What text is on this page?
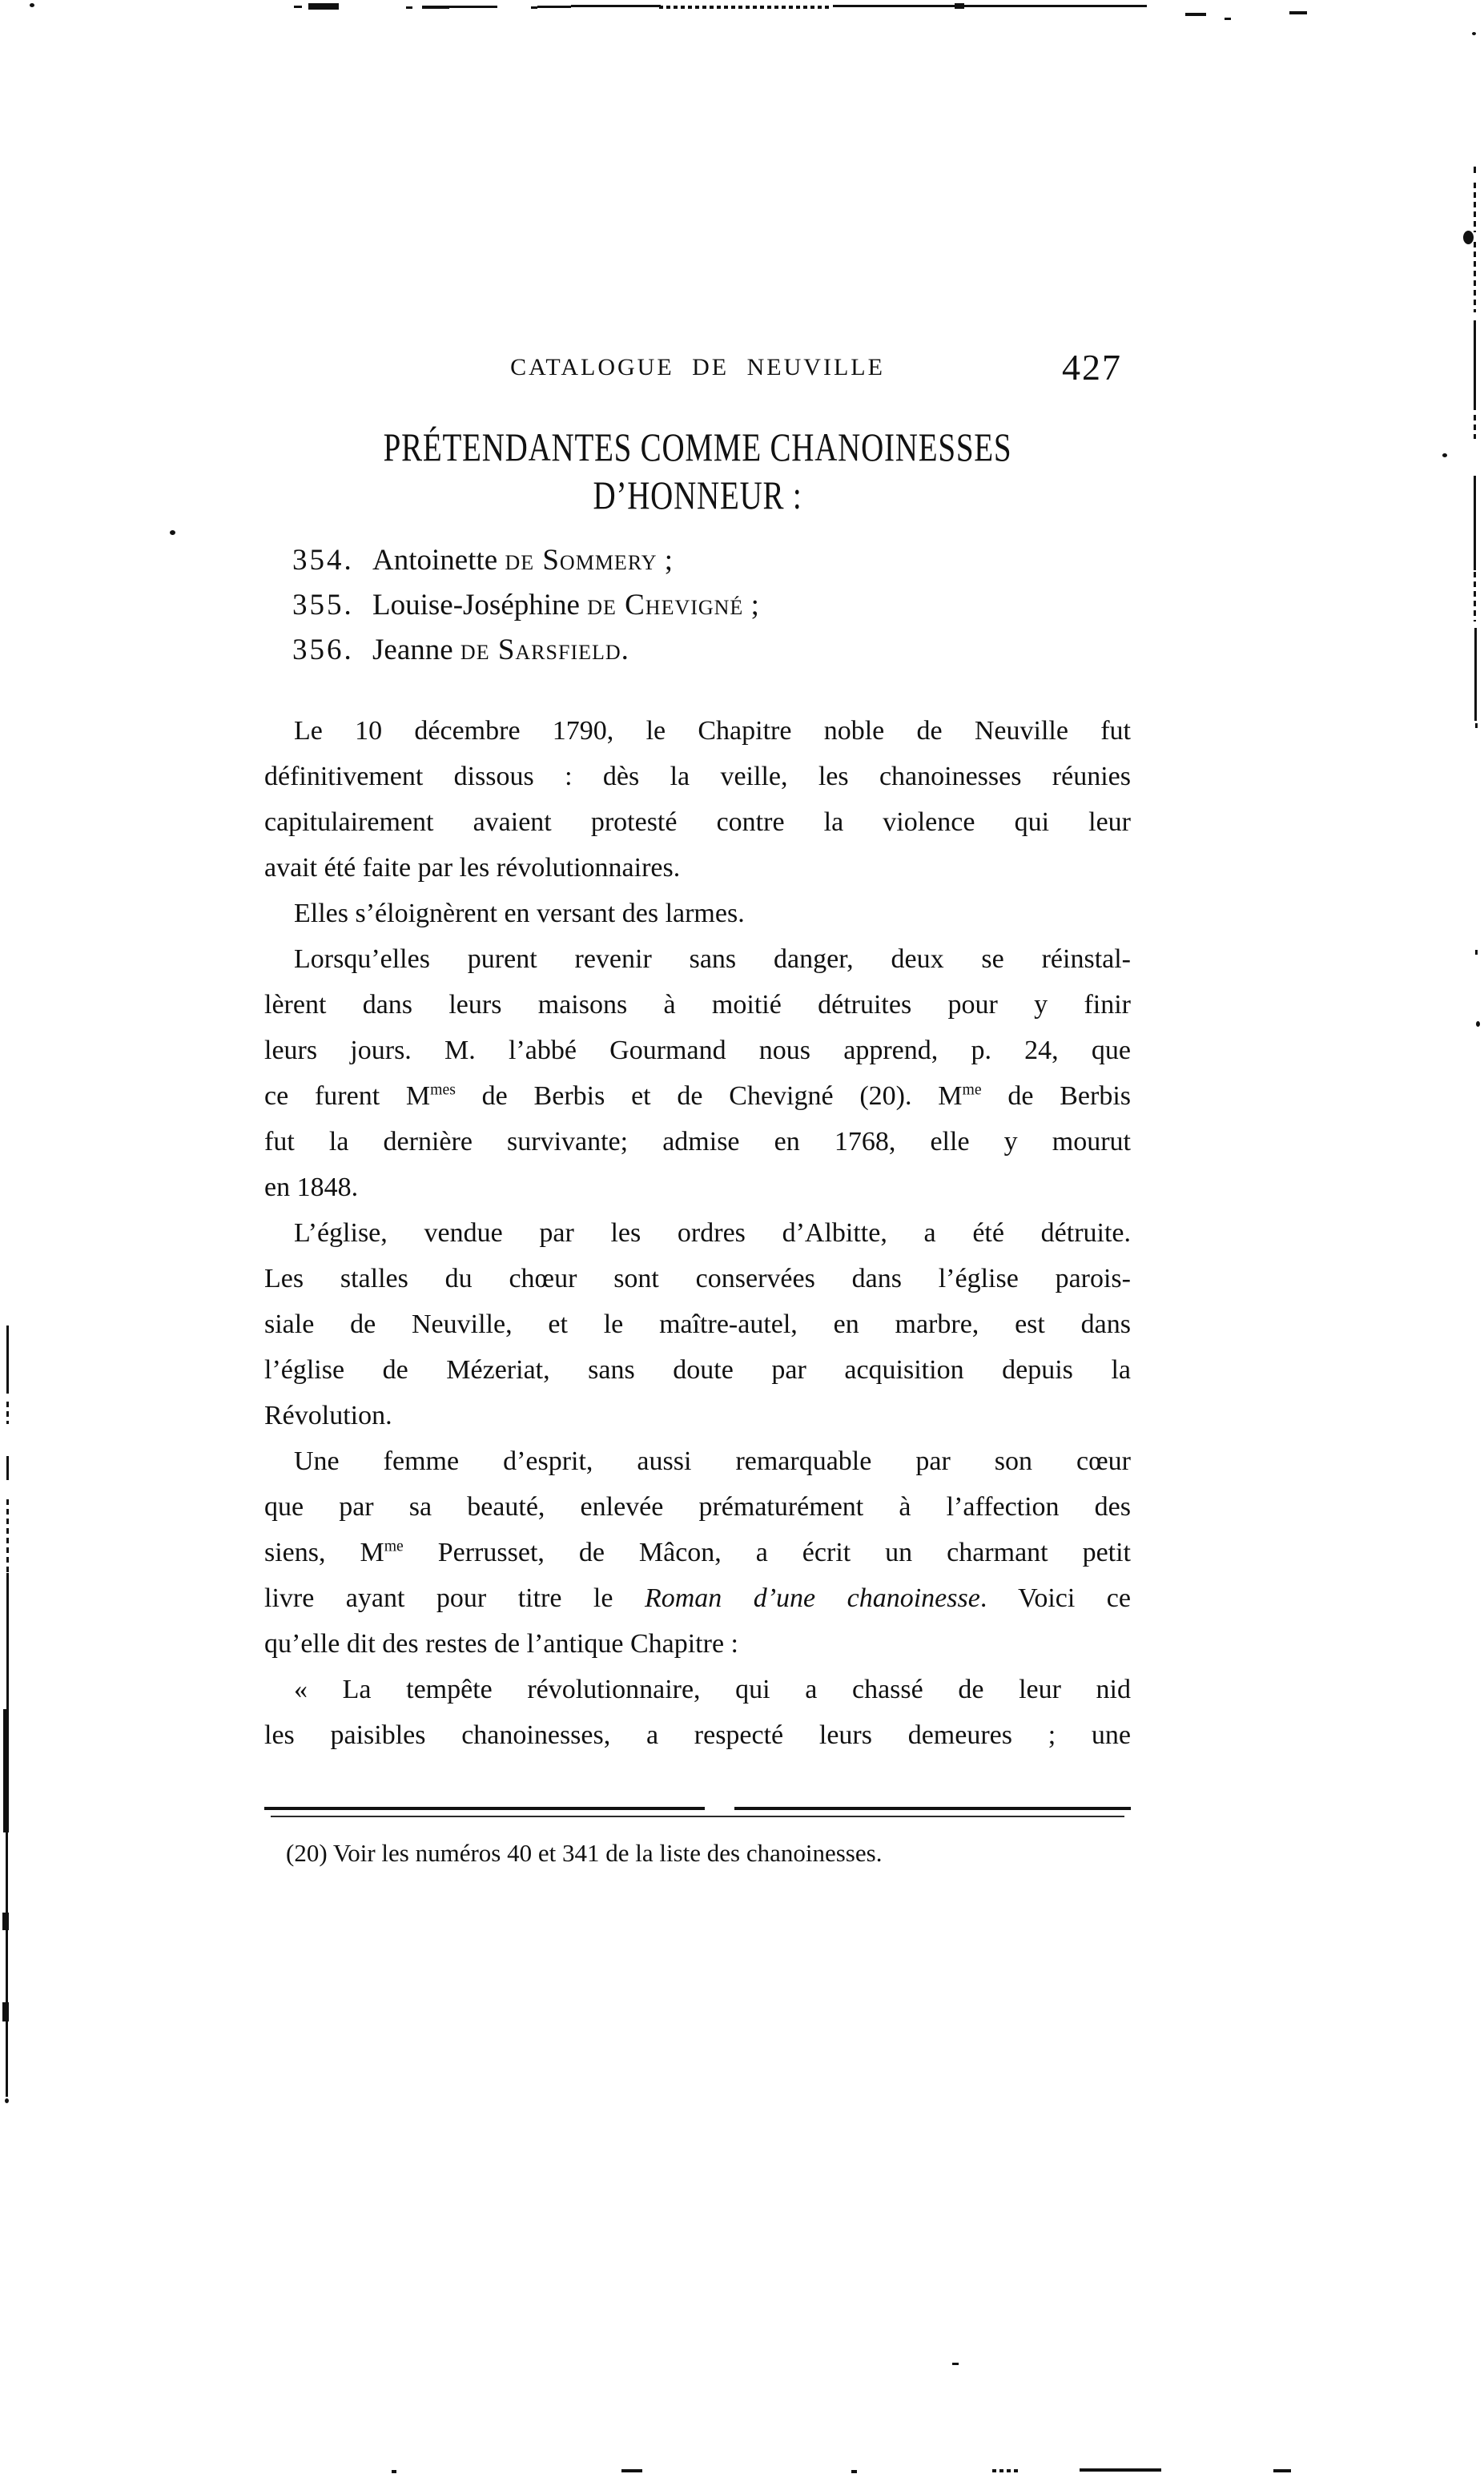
CATALOGUE DE NEUVILLE	427
PRÉTENDANTES COMME CHANOINESSES
D’HONNEUR :
354. Antoinette de Sommery ;
355. Louise-Joséphine de Chevigné ;
356. Jeanne de Sarsfield.
Le 10 décembre 1790, le Chapitre noble de Neuville fut
définitivement dissous : dès la veille, les chanoinesses réunies
capitulairement avaient protesté contre la violence qui leur
avait été faite par les révolutionnaires.
Elles s’éloignèrent en versant des larmes.
Lorsqu’elles purent revenir sans danger, deux se réinstal-
lèrent dans leurs maisons à moitié détruites pour y finir
leurs jours. M. l’abbé Gourmand nous apprend, p. 24, que
ce furent $M^{mes}$ de Berbis et de Chevigné (20). $M^{me}$ de Berbis
fut la dernière survivante; admise en 1768, elle y mourut
en 1848.
L’église, vendue par les ordres d’Albitte, a été détruite.
Les stalles du chœur sont conservées dans l’église parois-
siale de Neuville, et le maître-autel, en marbre, est dans
l’église de Mézeriat, sans doute par acquisition depuis la
Révolution.
Une femme d’esprit, aussi remarquable par son cœur
que par sa beauté, enlevée prématurément à l’affection des
siens, $M^{me}$ Perrusset, de Mâcon, a écrit un charmant petit
livre ayant pour titre le Roman d’une chanoinesse. Voici ce
qu’elle dit des restes de l’antique Chapitre :
« La tempête révolutionnaire, qui a chassé de leur nid
les paisibles chanoinesses, a respecté leurs demeures ; une
(20) Voir les numéros 40 et 341 de la liste des chanoinesses.
